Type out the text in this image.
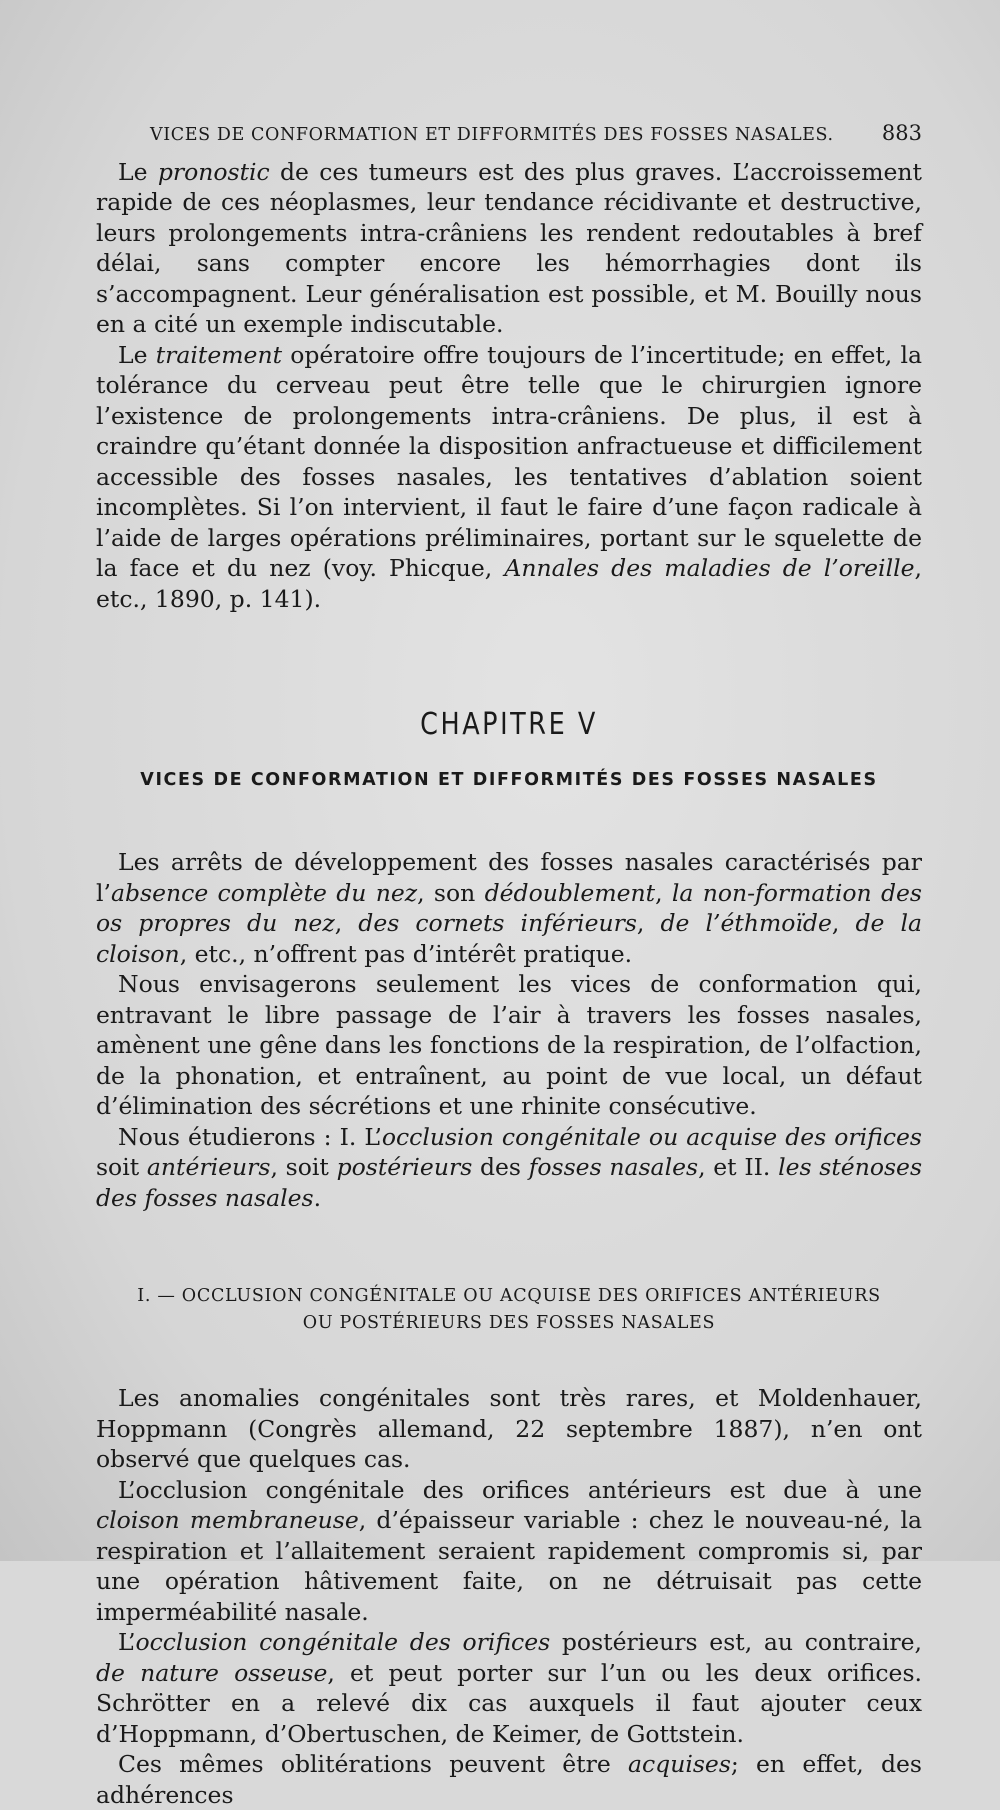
VICES DE CONFORMATION ET DIFFORMITÉS DES FOSSES NASALES. 883

Le pronostic de ces tumeurs est des plus graves. L’accroissement rapide de ces néoplasmes, leur tendance récidivante et destructive, leurs prolongements intra-crâniens les rendent redoutables à bref délai, sans compter encore les hémorrhagies dont ils s’accompagnent. Leur généralisation est possible, et M. Bouilly nous en a cité un exemple indiscutable.

Le traitement opératoire offre toujours de l’incertitude; en effet, la tolérance du cerveau peut être telle que le chirurgien ignore l’existence de prolongements intra-crâniens. De plus, il est à craindre qu’étant donnée la disposition anfractueuse et difficilement accessible des fosses nasales, les tentatives d’ablation soient incomplètes. Si l’on intervient, il faut le faire d’une façon radicale à l’aide de larges opérations préliminaires, portant sur le squelette de la face et du nez (voy. Phicque, Annales des maladies de l’oreille, etc., 1890, p. 141).

CHAPITRE V
VICES DE CONFORMATION ET DIFFORMITÉS DES FOSSES NASALES

Les arrêts de développement des fosses nasales caractérisés par l’absence complète du nez, son dédoublement, la non-formation des os propres du nez, des cornets inférieurs, de l’éthmoïde, de la cloison, etc., n’offrent pas d’intérêt pratique.

Nous envisagerons seulement les vices de conformation qui, entravant le libre passage de l’air à travers les fosses nasales, amènent une gêne dans les fonctions de la respiration, de l’olfaction, de la phonation, et entraînent, au point de vue local, un défaut d’élimination des sécrétions et une rhinite consécutive.

Nous étudierons : I. L’occlusion congénitale ou acquise des orifices soit antérieurs, soit postérieurs des fosses nasales, et II. les sténoses des fosses nasales.

I. — OCCLUSION CONGÉNITALE OU ACQUISE DES ORIFICES ANTÉRIEURS
OU POSTÉRIEURS DES FOSSES NASALES

Les anomalies congénitales sont très rares, et Moldenhauer, Hoppmann (Congrès allemand, 22 septembre 1887), n’en ont observé que quelques cas.

L’occlusion congénitale des orifices antérieurs est due à une cloison membraneuse, d’épaisseur variable : chez le nouveau-né, la respiration et l’allaitement seraient rapidement compromis si, par une opération hâtivement faite, on ne détruisait pas cette imperméabilité nasale.

L’occlusion congénitale des orifices postérieurs est, au contraire, de nature osseuse, et peut porter sur l’un ou les deux orifices. Schrötter en a relevé dix cas auxquels il faut ajouter ceux d’Hoppmann, d’Obertuschen, de Keimer, de Gottstein.

Ces mêmes oblitérations peuvent être acquises; en effet, des adhérences
